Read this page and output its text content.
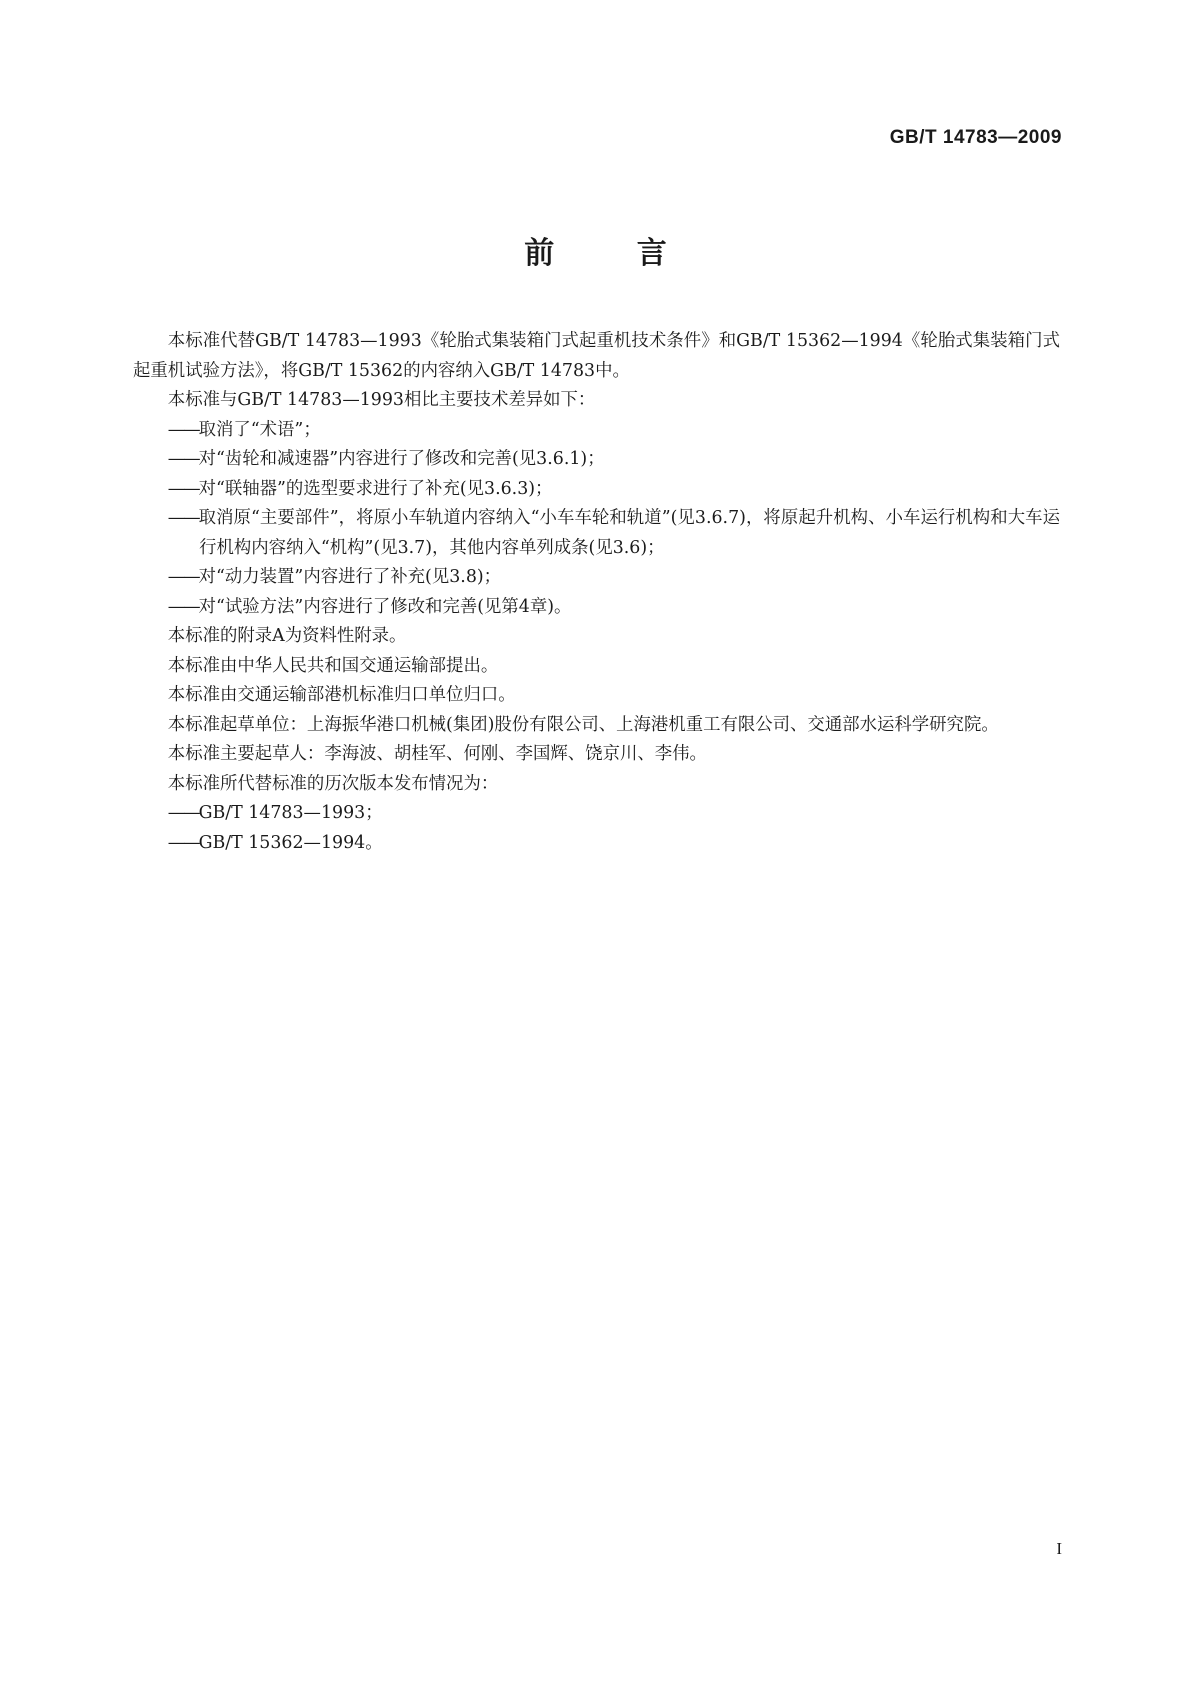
GB/T 14783—2009
前 言

本标准代替GB/T 14783—1993《轮胎式集装箱门式起重机技术条件》和GB/T 15362—1994《轮胎式集装箱门式起重机试验方法》，将GB/T 15362的内容纳入GB/T 14783中。

本标准与GB/T 14783—1993相比主要技术差异如下：

——取消了“术语”；

——对“齿轮和减速器”内容进行了修改和完善(见3.6.1)；

——对“联轴器”的选型要求进行了补充(见3.6.3)；

——取消原“主要部件”，将原小车轨道内容纳入“小车车轮和轨道”(见3.6.7)，将原起升机构、小车运行机构和大车运行机构内容纳入“机构”(见3.7)，其他内容单列成条(见3.6)；

——对“动力装置”内容进行了补充(见3.8)；

——对“试验方法”内容进行了修改和完善(见第4章)。

本标准的附录A为资料性附录。

本标准由中华人民共和国交通运输部提出。

本标准由交通运输部港机标准归口单位归口。

本标准起草单位：上海振华港口机械(集团)股份有限公司、上海港机重工有限公司、交通部水运科学研究院。

本标准主要起草人：李海波、胡桂军、何刚、李国辉、饶京川、李伟。

本标准所代替标准的历次版本发布情况为：

——GB/T 14783—1993；

——GB/T 15362—1994。

I
